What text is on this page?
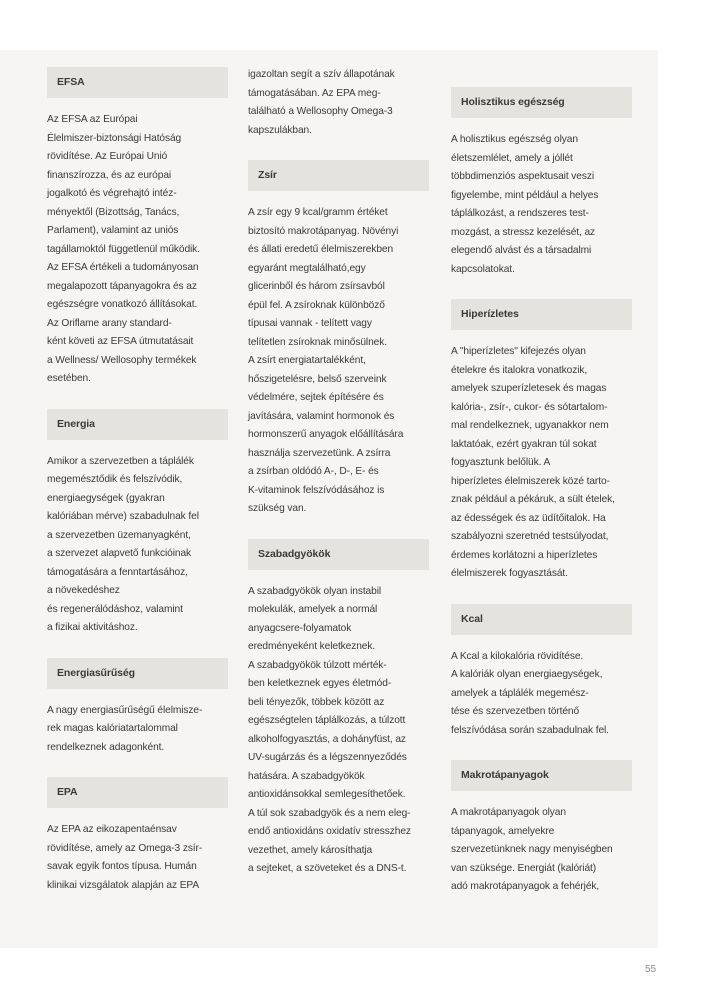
EFSA

Az EFSA az Európai

Élelmiszer-biztonsági Hatóság

rövidítése. Az Európai Unió

finanszírozza, és az európai

jogalkotó és végrehajtó intéz-

ményektől (Bizottság, Tanács,

Parlament), valamint az uniós

tagállamoktól függetlenül működik.

Az EFSA értékeli a tudományosan

megalapozott tápanyagokra és az

egészségre vonatkozó állításokat.

Az Oriflame arany standard-

ként követi az EFSA útmutatásait

a Wellness/ Wellosophy termékek

esetében.

Energia

Amikor a szervezetben a táplálék

megemésztődik és felszívódik,

energiaegységek (gyakran

kalóriában mérve) szabadulnak fel

a szervezetben üzemanyagként,

a szervezet alapvető funkcióinak

támogatására a fenntartásához,

a növekedéshez

és regenerálódáshoz, valamint

a fizikai aktivitáshoz.

Energiasűrűség

A nagy energiasűrűségű élelmisze-

rek magas kalóriatartalommal

rendelkeznek adagonként.

EPA

Az EPA az eikozapentaénsav

rövidítése, amely az Omega-3 zsír-

savak egyik fontos típusa. Humán

klinikai vizsgálatok alapján az EPA

igazoltan segít a szív állapotának

támogatásában. Az EPA meg-

található a Wellosophy Omega-3

kapszulákban.

Zsír

A zsír egy 9 kcal/gramm értéket

biztosító makrotápanyag. Növényi

és állati eredetű élelmiszerekben

egyaránt megtalálható,egy

glicerinből és három zsírsavból

épül fel. A zsíroknak különböző

típusai vannak - telített vagy

telítetlen zsíroknak minősülnek.

A zsírt energiatartalékként,

hőszigetelésre, belső szerveink

védelmére, sejtek építésére és

javítására, valamint hormonok és

hormonszerű anyagok előállítására

használja szervezetünk. A zsírra

a zsírban oldódó A-, D-, E- és

K-vitaminok felszívódásához is

szükség van.

Szabadgyökök

A szabadgyökök olyan instabil

molekulák, amelyek a normál

anyagcsere-folyamatok

eredményeként keletkeznek.

A szabadgyökök túlzott mérték-

ben keletkeznek egyes életmód-

beli tényezők, többek között az

egészségtelen táplálkozás, a túlzott

alkoholfogyasztás, a dohányfüst, az

UV-sugárzás és a légszennyeződés

hatására. A szabadgyökök

antioxidánsokkal semlegesíthetőek.

A túl sok szabadgyök és a nem eleg-

endő antioxidáns oxidatív stresszhez

vezethet, amely károsíthatja

a sejteket, a szöveteket és a DNS-t.

Holisztikus egészség

A holisztikus egészség olyan

életszemlélet, amely a jóllét

többdimenziós aspektusait veszi

figyelembe, mint például a helyes

táplálkozást, a rendszeres test-

mozgást, a stressz kezelését, az

elegendő alvást és a társadalmi

kapcsolatokat.

Hiperízletes

A "hiperízletes" kifejezés olyan

ételekre és italokra vonatkozik,

amelyek szuperízletesek és magas

kalória-, zsír-, cukor- és sótartalom-

mal rendelkeznek, ugyanakkor nem

laktatóak, ezért gyakran túl sokat

fogyasztunk belőlük. A

hiperízletes élelmiszerek közé tarto-

znak például a pékáruk, a sült ételek,

az édességek és az üdítőitalok. Ha

szabályozni szeretnéd testsúlyodat,

érdemes korlátozni a hiperízletes

élelmiszerek fogyasztását.

Kcal

A Kcal a kilokalória rövidítése.

A kalóriák olyan energiaegységek,

amelyek a táplálék megemész-

tése és szervezetben történő

felszívódása során szabadulnak fel.

Makrotápanyagok

A makrotápanyagok olyan

tápanyagok, amelyekre

szervezetünknek nagy menyiségben

van szüksége. Energiát (kalóriát)

adó makrotápanyagok a fehérjék,

55
